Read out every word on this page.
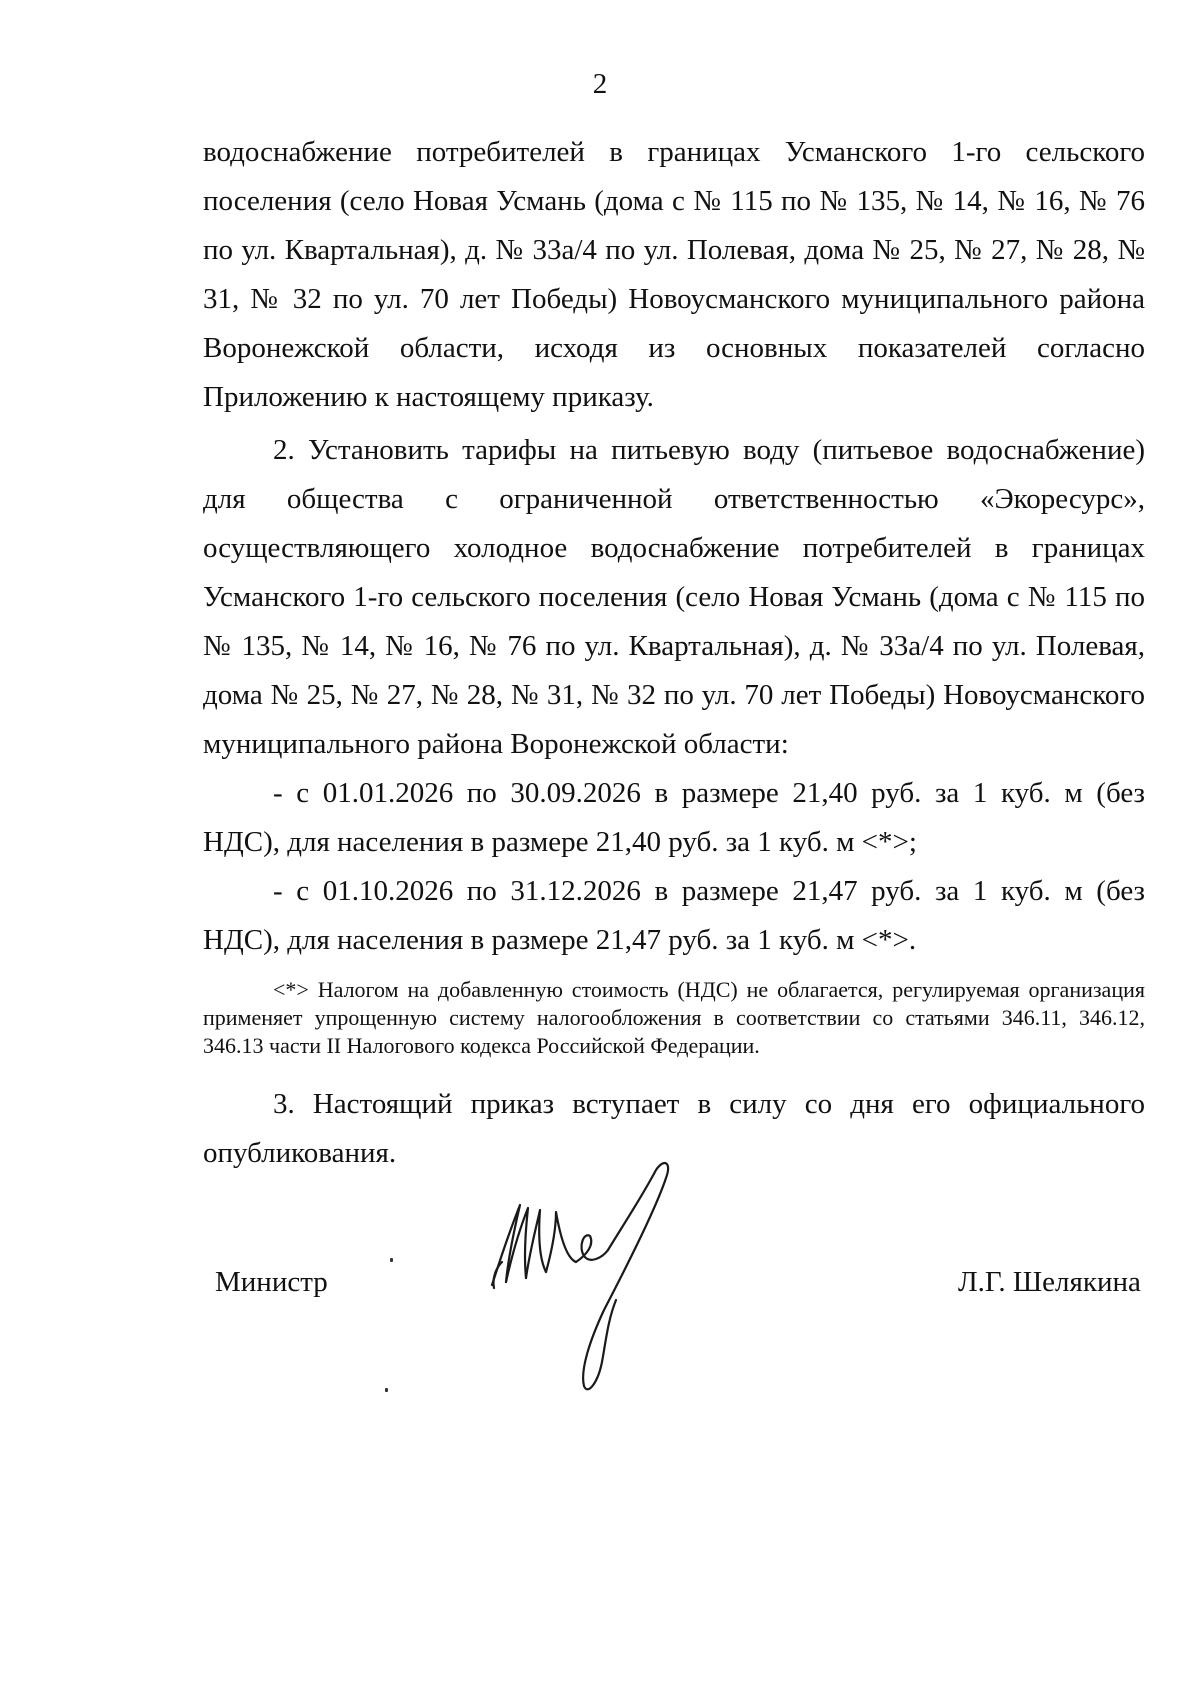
2

водоснабжение потребителей в границах Усманского 1-го сельского поселения (село Новая Усмань (дома с № 115 по № 135, № 14, № 16, № 76 по ул. Квартальная), д. № 33а/4 по ул. Полевая, дома № 25, № 27, № 28, № 31, № 32 по ул. 70 лет Победы) Новоусманского муниципального района Воронежской области, исходя из основных показателей согласно Приложению к настоящему приказу.

2. Установить тарифы на питьевую воду (питьевое водоснабжение) для общества с ограниченной ответственностью «Экоресурс», осуществляющего холодное водоснабжение потребителей в границах Усманского 1-го сельского поселения (село Новая Усмань (дома с № 115 по № 135, № 14, № 16, № 76 по ул. Квартальная), д. № 33а/4 по ул. Полевая, дома № 25, № 27, № 28, № 31, № 32 по ул. 70 лет Победы) Новоусманского муниципального района Воронежской области:

- с 01.01.2026 по 30.09.2026 в размере 21,40 руб. за 1 куб. м (без НДС), для населения в размере 21,40 руб. за 1 куб. м <*>;

- с 01.10.2026 по 31.12.2026 в размере 21,47 руб. за 1 куб. м (без НДС), для населения в размере 21,47 руб. за 1 куб. м <*>.

<*> Налогом на добавленную стоимость (НДС) не облагается, регулируемая организация применяет упрощенную систему налогообложения в соответствии со статьями 346.11, 346.12, 346.13 части II Налогового кодекса Российской Федерации.

3. Настоящий приказ вступает в силу со дня его официального опубликования.

Министр	Л.Г. Шелякина
